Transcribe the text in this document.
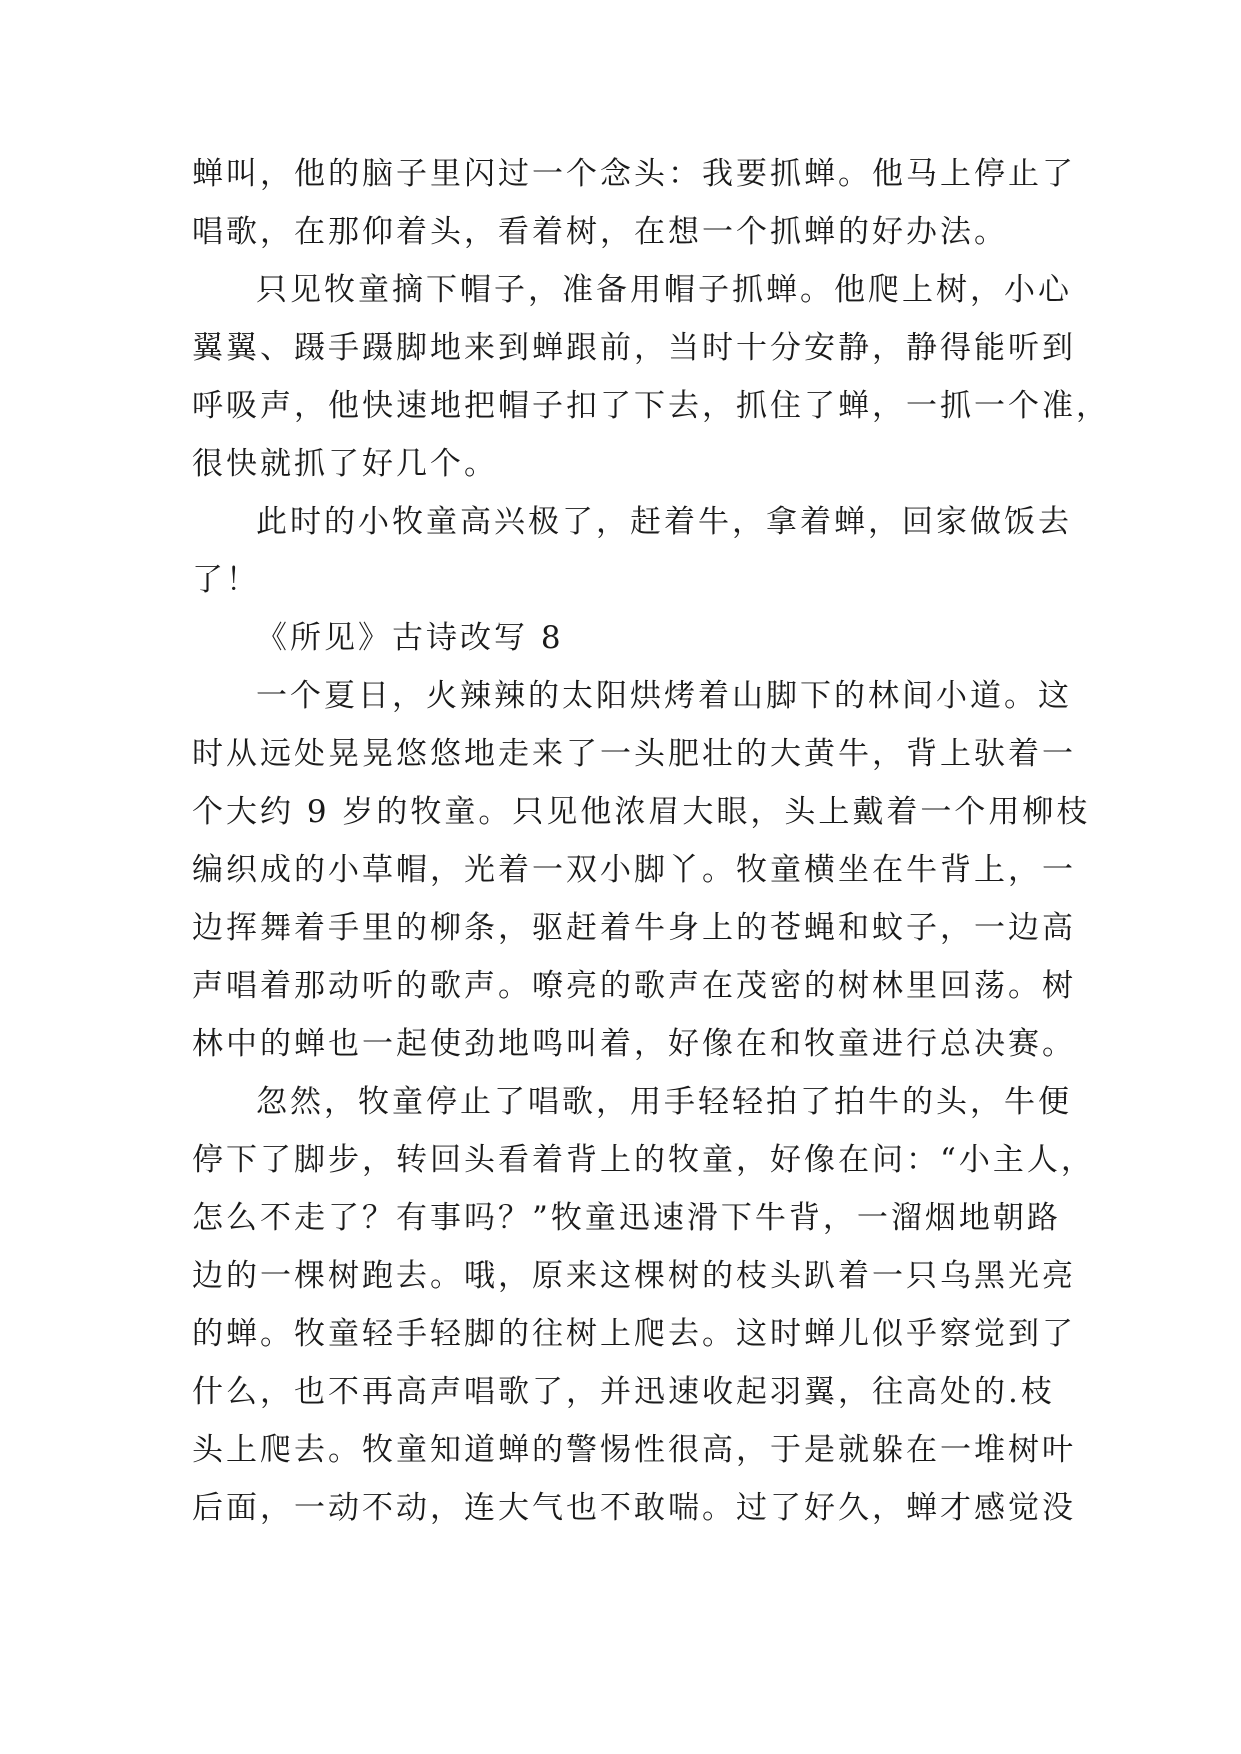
蝉叫，他的脑子里闪过一个念头：我要抓蝉。他马上停止了
唱歌，在那仰着头，看着树，在想一个抓蝉的好办法。
只见牧童摘下帽子，准备用帽子抓蝉。他爬上树，小心
翼翼、蹑手蹑脚地来到蝉跟前，当时十分安静，静得能听到
呼吸声，他快速地把帽子扣了下去，抓住了蝉，一抓一个准，
很快就抓了好几个。
此时的小牧童高兴极了，赶着牛，拿着蝉，回家做饭去
了！
《所见》古诗改写 8
一个夏日，火辣辣的太阳烘烤着山脚下的林间小道。这
时从远处晃晃悠悠地走来了一头肥壮的大黄牛，背上驮着一
个大约 9 岁的牧童。只见他浓眉大眼，头上戴着一个用柳枝
编织成的小草帽，光着一双小脚丫。牧童横坐在牛背上，一
边挥舞着手里的柳条，驱赶着牛身上的苍蝇和蚊子，一边高
声唱着那动听的歌声。嘹亮的歌声在茂密的树林里回荡。树
林中的蝉也一起使劲地鸣叫着，好像在和牧童进行总决赛。
忽然，牧童停止了唱歌，用手轻轻拍了拍牛的头，牛便
停下了脚步，转回头看着背上的牧童，好像在问：“小主人，
怎么不走了？有事吗？”牧童迅速滑下牛背，一溜烟地朝路
边的一棵树跑去。哦，原来这棵树的枝头趴着一只乌黑光亮
的蝉。牧童轻手轻脚的往树上爬去。这时蝉儿似乎察觉到了
什么，也不再高声唱歌了，并迅速收起羽翼，往高处的.枝
头上爬去。牧童知道蝉的警惕性很高，于是就躲在一堆树叶
后面，一动不动，连大气也不敢喘。过了好久，蝉才感觉没
